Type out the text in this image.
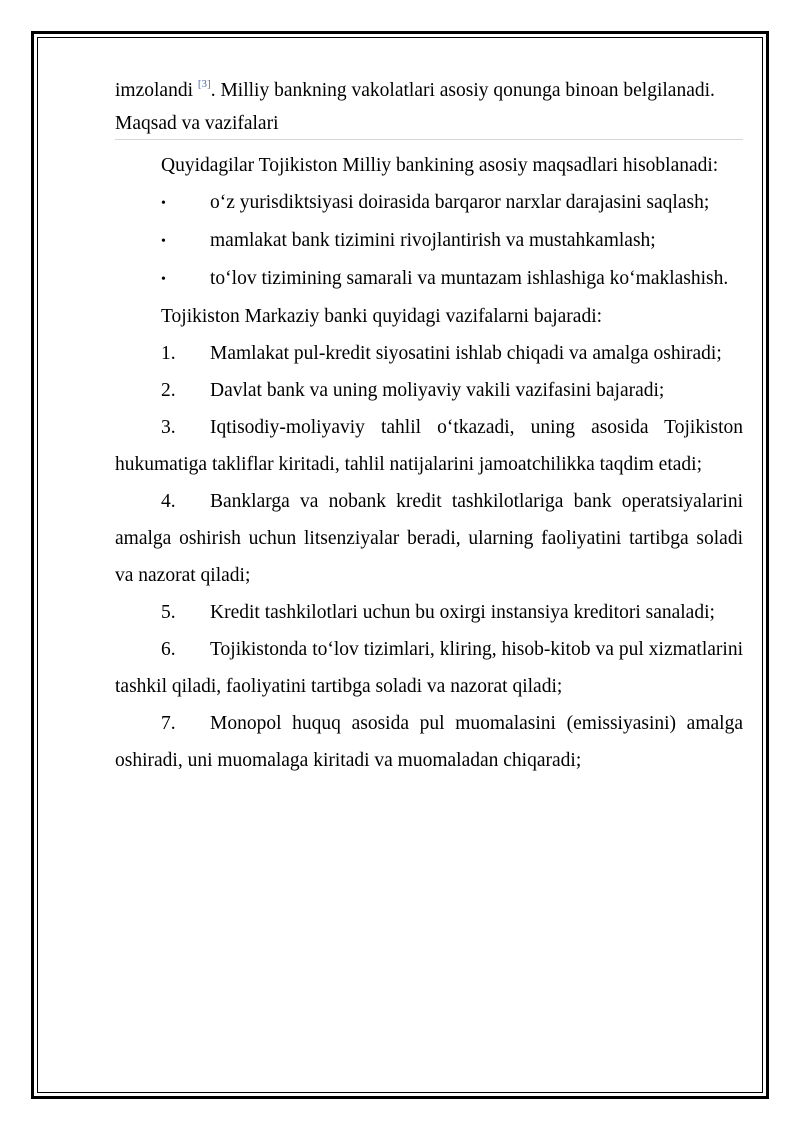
imzolandi [3]. Milliy bankning vakolatlari asosiy qonunga binoan belgilanadi.

Maqsad va vazifalari

Quyidagilar Tojikiston Milliy bankining asosiy maqsadlari hisoblanadi:

• o‘z yurisdiktsiyasi doirasida barqaror narxlar darajasini saqlash;

• mamlakat bank tizimini rivojlantirish va mustahkamlash;

• to‘lov tizimining samarali va muntazam ishlashiga ko‘maklashish.

Tojikiston Markaziy banki quyidagi vazifalarni bajaradi:

1. Mamlakat pul-kredit siyosatini ishlab chiqadi va amalga oshiradi;

2. Davlat bank va uning moliyaviy vakili vazifasini bajaradi;

3. Iqtisodiy-moliyaviy tahlil o‘tkazadi, uning asosida Tojikiston hukumatiga takliflar kiritadi, tahlil natijalarini jamoatchilikka taqdim etadi;

4. Banklarga va nobank kredit tashkilotlariga bank operatsiyalarini amalga oshirish uchun litsenziyalar beradi, ularning faoliyatini tartibga soladi va nazorat qiladi;

5. Kredit tashkilotlari uchun bu oxirgi instansiya kreditori sanaladi;

6. Tojikistonda to‘lov tizimlari, kliring, hisob-kitob va pul xizmatlarini tashkil qiladi, faoliyatini tartibga soladi va nazorat qiladi;

7. Monopol huquq asosida pul muomalasini (emissiyasini) amalga oshiradi, uni muomalaga kiritadi va muomaladan chiqaradi;
